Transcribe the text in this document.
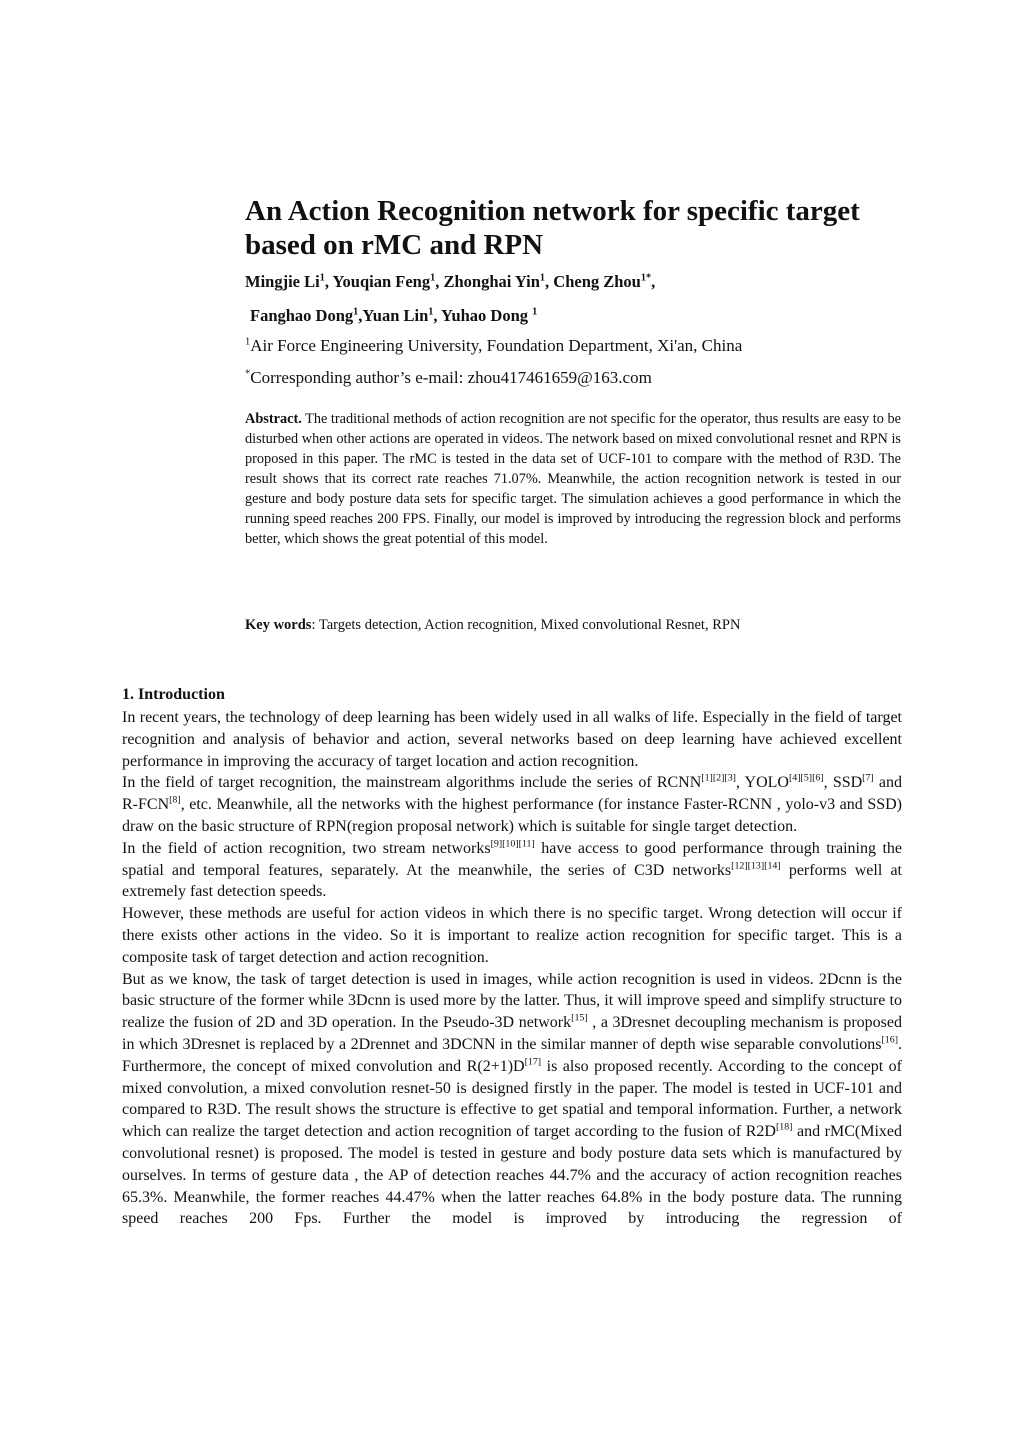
An Action Recognition network for specific target based on rMC and RPN

Mingjie Li$^1$, Youqian Feng$^1$, Zhonghai Yin$^1$, Cheng Zhou$^{1*}$,

Fanghao Dong$^1$,Yuan Lin$^1$, Yuhao Dong $^1$

$^1$Air Force Engineering University, Foundation Department, Xi'an, China

*Corresponding author’s e-mail: zhou417461659@163.com

Abstract. The traditional methods of action recognition are not specific for the operator, thus results are easy to be disturbed when other actions are operated in videos. The network based on mixed convolutional resnet and RPN is proposed in this paper. The rMC is tested in the data set of UCF-101 to compare with the method of R3D. The result shows that its correct rate reaches 71.07%. Meanwhile, the action recognition network is tested in our gesture and body posture data sets for specific target. The simulation achieves a good performance in which the running speed reaches 200 FPS. Finally, our model is improved by introducing the regression block and performs better, which shows the great potential of this model.

Key words: Targets detection, Action recognition, Mixed convolutional Resnet, RPN

1. Introduction

In recent years, the technology of deep learning has been widely used in all walks of life. Especially in the field of target recognition and analysis of behavior and action, several networks based on deep learning have achieved excellent performance in improving the accuracy of target location and action recognition.

In the field of target recognition, the mainstream algorithms include the series of RCNN[1][2][3], YOLO[4][5][6], SSD[7] and R-FCN[8], etc. Meanwhile, all the networks with the highest performance (for instance Faster-RCNN , yolo-v3 and SSD) draw on the basic structure of RPN(region proposal network) which is suitable for single target detection.

In the field of action recognition, two stream networks[9][10][11] have access to good performance through training the spatial and temporal features, separately. At the meanwhile, the series of C3D networks[12][13][14] performs well at extremely fast detection speeds.

However, these methods are useful for action videos in which there is no specific target. Wrong detection will occur if there exists other actions in the video. So it is important to realize action recognition for specific target. This is a composite task of target detection and action recognition.

But as we know, the task of target detection is used in images, while action recognition is used in videos. 2Dcnn is the basic structure of the former while 3Dcnn is used more by the latter. Thus, it will improve speed and simplify structure to realize the fusion of 2D and 3D operation. In the Pseudo-3D network[15] , a 3Dresnet decoupling mechanism is proposed in which 3Dresnet is replaced by a 2Drennet and 3DCNN in the similar manner of depth wise separable convolutions[16]. Furthermore, the concept of mixed convolution and R(2+1)D[17] is also proposed recently. According to the concept of mixed convolution, a mixed convolution resnet-50 is designed firstly in the paper. The model is tested in UCF-101 and compared to R3D. The result shows the structure is effective to get spatial and temporal information. Further, a network which can realize the target detection and action recognition of target according to the fusion of R2D[18] and rMC(Mixed convolutional resnet) is proposed. The model is tested in gesture and body posture data sets which is manufactured by ourselves. In terms of gesture data , the AP of detection reaches 44.7% and the accuracy of action recognition reaches 65.3%. Meanwhile, the former reaches 44.47% when the latter reaches 64.8% in the body posture data. The running speed reaches 200 Fps. Further the model is improved by introducing the regression of
